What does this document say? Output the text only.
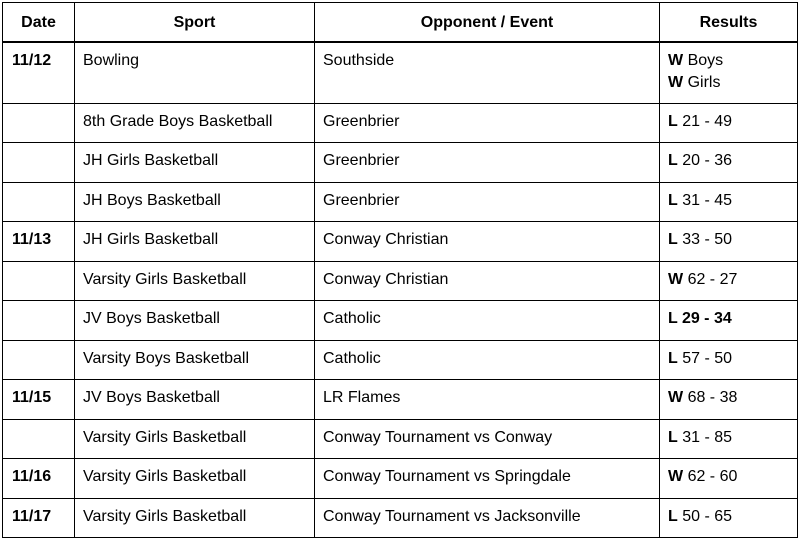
Date	Sport	Opponent / Event	Results
11/12	Bowling	Southside	W Boys
W Girls

	8th Grade Boys Basketball	Greenbrier	L 21 - 49

	JH Girls Basketball	Greenbrier	L 20 - 36

	JH Boys Basketball	Greenbrier	L 31 - 45

11/13	JH Girls Basketball	Conway Christian	L 33 - 50

	Varsity Girls Basketball	Conway Christian	W 62 - 27

	JV Boys Basketball	Catholic	L 29 - 34

	Varsity Boys Basketball	Catholic	L 57 - 50

11/15	JV Boys Basketball	LR Flames	W 68 - 38

	Varsity Girls Basketball	Conway Tournament vs Conway	L 31 - 85

11/16	Varsity Girls Basketball	Conway Tournament vs Springdale	W 62 - 60

11/17	Varsity Girls Basketball	Conway Tournament vs Jacksonville	L 50 - 65
